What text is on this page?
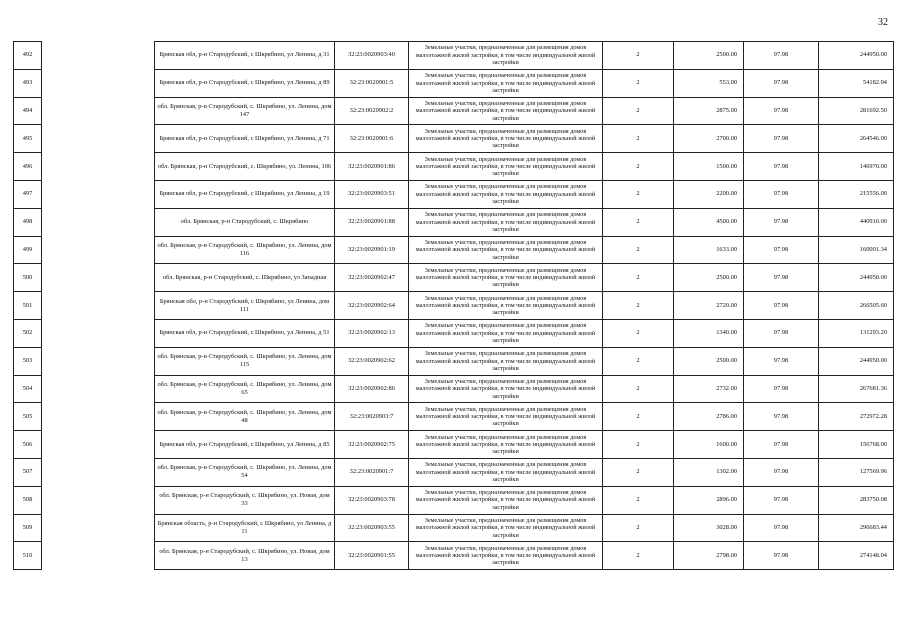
32
492		Брянская обл, р-н Стародубский, с Шкрябино, ул Ленина, д 31	32:23:0020903:40	Земельные участки, предназначенные для размещения домов малоэтажной жилой застройки, в том числе индивидуальной жилой застройки	2	2500.00	97.98	244950.00
493		Брянская обл, р-н Стародубский, с Шкрябино, ул Ленина, д 89	32:23:0020901:5	Земельные участки, предназначенные для размещения домов малоэтажной жилой застройки, в том числе индивидуальной жилой застройки	2	553.00	97.98	54182.94
494		обл. Брянская, р-н Стародубский, с. Шкрябино, ул. Ленина, дом 147	32:23:0020902:2	Земельные участки, предназначенные для размещения домов малоэтажной жилой застройки, в том числе индивидуальной жилой застройки	2	2875.00	97.98	281692.50
495		Брянская обл, р-н Стародубский, с Шкрябино, ул Ленина, д 71	32:23:0020901:6	Земельные участки, предназначенные для размещения домов малоэтажной жилой застройки, в том числе индивидуальной жилой застройки	2	2700.00	97.98	264546.00
496		обл. Брянская, р-н Стародубский, с. Шкрябино, ул. Ленина, 106	32:23:0020901:86	Земельные участки, предназначенные для размещения домов малоэтажной жилой застройки, в том числе индивидуальной жилой застройки	2	1500.00	97.98	146970.00
497		Брянская обл, р-н Стародубский, с Шкрябино, ул Ленина, д 19	32:23:0020903:51	Земельные участки, предназначенные для размещения домов малоэтажной жилой застройки, в том числе индивидуальной жилой застройки	2	2200.00	97.98	215556.00
498		обл. Брянская, р-н Стародубский, с. Шкрябино	32:23:0020901:88	Земельные участки, предназначенные для размещения домов малоэтажной жилой застройки, в том числе индивидуальной жилой застройки	2	4500.00	97.98	440910.00
499		обл. Брянская, р-н Стародубский, с. Шкрябино, ул. Ленина, дом 116	32:23:0020901:19	Земельные участки, предназначенные для размещения домов малоэтажной жилой застройки, в том числе индивидуальной жилой застройки	2	1633.00	97.98	160001.34
500		обл. Брянская, р-н Стародубский, с. Шкрябино, ул Западная	32:23:0020902:47	Земельные участки, предназначенные для размещения домов малоэтажной жилой застройки, в том числе индивидуальной жилой застройки	2	2500.00	97.98	244950.00
501		Брянская обл, р-н Стародубский, с Шкрябино, ул Ленина, дом 111	32:23:0020902:64	Земельные участки, предназначенные для размещения домов малоэтажной жилой застройки, в том числе индивидуальной жилой застройки	2	2720.00	97.98	266505.60
502		Брянская обл, р-н Стародубский, с Шкрябино, ул Ленина, д 51	32:23:0020902:13	Земельные участки, предназначенные для размещения домов малоэтажной жилой застройки, в том числе индивидуальной жилой застройки	2	1340.00	97.98	131293.20
503		обл. Брянская, р-н Стародубский, с. Шкрябино, ул. Ленина, дом 115	32:23:0020902:62	Земельные участки, предназначенные для размещения домов малоэтажной жилой застройки, в том числе индивидуальной жилой застройки	2	2500.00	97.98	244950.00
504		обл. Брянская, р-н Стародубский, с. Шкрябино, ул. Ленина, дом 65	32:23:0020902:86	Земельные участки, предназначенные для размещения домов малоэтажной жилой застройки, в том числе индивидуальной жилой застройки	2	2732.00	97.98	267681.36
505		обл. Брянская, р-н Стародубский, с. Шкрябино, ул. Ленина, дом 48	32:23:0020903:7	Земельные участки, предназначенные для размещения домов малоэтажной жилой застройки, в том числе индивидуальной жилой застройки	2	2786.00	97.98	272972.28
506		Брянская обл, р-н Стародубский, с Шкрябино, ул Ленина, д 85	32:23:0020902:75	Земельные участки, предназначенные для размещения домов малоэтажной жилой застройки, в том числе индивидуальной жилой застройки	2	1600.00	97.98	156768.00
507		обл. Брянская, р-н Стародубский, с. Шкрябино, ул. Ленина, дом 54	32:23:0020901:7	Земельные участки, предназначенные для размещения домов малоэтажной жилой застройки, в том числе индивидуальной жилой застройки	2	1302.00	97.98	127569.96
508		обл. Брянская, р-н Стародубский, с. Шкрябино, ул. Новая, дом 33	32:23:0020903:78	Земельные участки, предназначенные для размещения домов малоэтажной жилой застройки, в том числе индивидуальной жилой застройки	2	2896.00	97.98	283750.08
509		Брянская область, р-н Стародубский, с Шкрябино, ул Ленина, д 11	32:23:0020903:55	Земельные участки, предназначенные для размещения домов малоэтажной жилой застройки, в том числе индивидуальной жилой застройки	2	3028.00	97.98	296683.44
510		обл. Брянская, р-н Стародубский, с. Шкрябино, ул. Новая, дом 13	32:23:0020901:55	Земельные участки, предназначенные для размещения домов малоэтажной жилой застройки, в том числе индивидуальной жилой застройки	2	2798.00	97.98	274148.04
